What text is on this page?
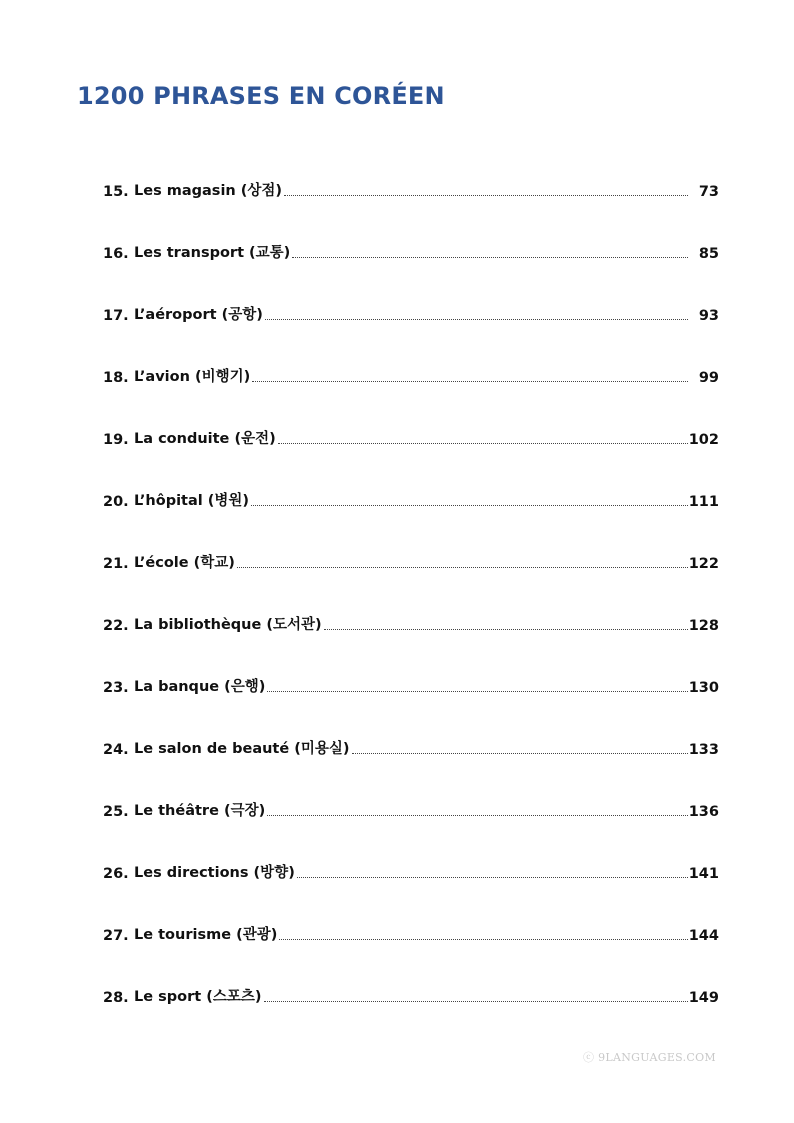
1200 PHRASES EN CORÉEN
15. Les magasin (상점)	73
16. Les transport (교통)	85
17. L’aéroport (공항)	93
18. L’avion (비행기)	99
19. La conduite (운전)	102
20. L’hôpital (병원)	111
21. L’école (학교)	122
22. La bibliothèque (도서관)	128
23. La banque (은행)	130
24. Le salon de beauté (미용실)	133
25. Le théâtre (극장)	136
26. Les directions (방향)	141
27. Le tourisme (관광)	144
28. Le sport (스포츠)	149
ⓒ 9LANGUAGES.COM
